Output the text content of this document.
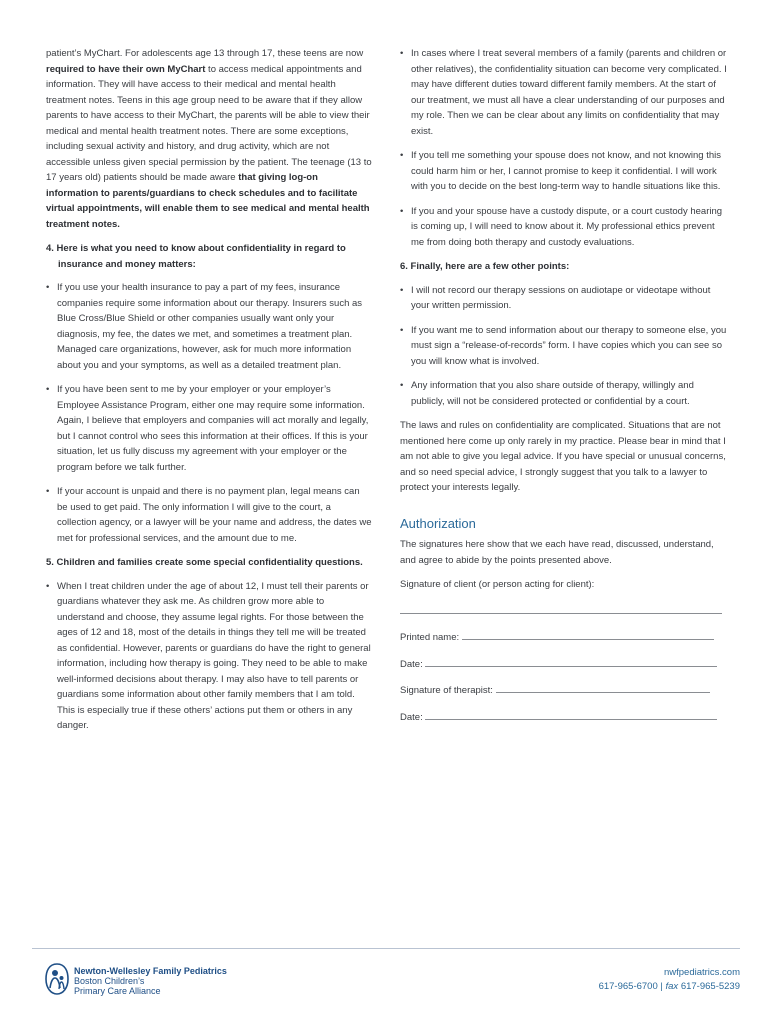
patient’s MyChart. For adolescents age 13 through 17, these teens are now required to have their own MyChart to access medical appointments and information. They will have access to their medical and mental health treatment notes. Teens in this age group need to be aware that if they allow parents to have access to their MyChart, the parents will be able to view their medical and mental health treatment notes. There are some exceptions, including sexual activity and history, and drug activity, which are not accessible unless given special permission by the patient. The teenage (13 to 17 years old) patients should be made aware that giving log-on information to parents/guardians to check schedules and to facilitate virtual appointments, will enable them to see medical and mental health treatment notes.

4. Here is what you need to know about confidentiality in regard to insurance and money matters:
• If you use your health insurance to pay a part of my fees, insurance companies require some information about our therapy. Insurers such as Blue Cross/Blue Shield or other companies usually want only your diagnosis, my fee, the dates we met, and sometimes a treatment plan. Managed care organizations, however, ask for much more information about you and your symptoms, as well as a detailed treatment plan.
• If you have been sent to me by your employer or your employer’s Employee Assistance Program, either one may require some information. Again, I believe that employers and companies will act morally and legally, but I cannot control who sees this information at their offices. If this is your situation, let us fully discuss my agreement with your employer or the program before we talk further.
• If your account is unpaid and there is no payment plan, legal means can be used to get paid. The only information I will give to the court, a collection agency, or a lawyer will be your name and address, the dates we met for professional services, and the amount due to me.
5. Children and families create some special confidentiality questions.
• When I treat children under the age of about 12, I must tell their parents or guardians whatever they ask me. As children grow more able to understand and choose, they assume legal rights. For those between the ages of 12 and 18, most of the details in things they tell me will be treated as confidential. However, parents or guardians do have the right to general information, including how therapy is going. They need to be able to make well-informed decisions about therapy. I may also have to tell parents or guardians some information about other family members that I am told. This is especially true if these others’ actions put them or others in any danger.
• In cases where I treat several members of a family (parents and children or other relatives), the confidentiality situation can become very complicated. I may have different duties toward different family members. At the start of our treatment, we must all have a clear understanding of our purposes and my role. Then we can be clear about any limits on confidentiality that may exist.
• If you tell me something your spouse does not know, and not knowing this could harm him or her, I cannot promise to keep it confidential. I will work with you to decide on the best long-term way to handle situations like this.
• If you and your spouse have a custody dispute, or a court custody hearing is coming up, I will need to know about it. My professional ethics prevent me from doing both therapy and custody evaluations.
6. Finally, here are a few other points:
• I will not record our therapy sessions on audiotape or videotape without your written permission.
• If you want me to send information about our therapy to someone else, you must sign a “release-of-records” form. I have copies which you can see so you will know what is involved.
• Any information that you also share outside of therapy, willingly and publicly, will not be considered protected or confidential by a court.

The laws and rules on confidentiality are complicated. Situations that are not mentioned here come up only rarely in my practice. Please bear in mind that I am not able to give you legal advice. If you have special or unusual concerns, and so need special advice, I strongly suggest that you talk to a lawyer to protect your interests legally.

Authorization

The signatures here show that we each have read, discussed, understand, and agree to abide by the points presented above.

Signature of client (or person acting for client):
Printed name:
Date:
Signature of therapist:
Date:
Newton-Wellesley Family Pediatrics
Boston Children’s
Primary Care Alliance
nwfpediatrics.com
617-965-6700 | fax 617-965-5239
